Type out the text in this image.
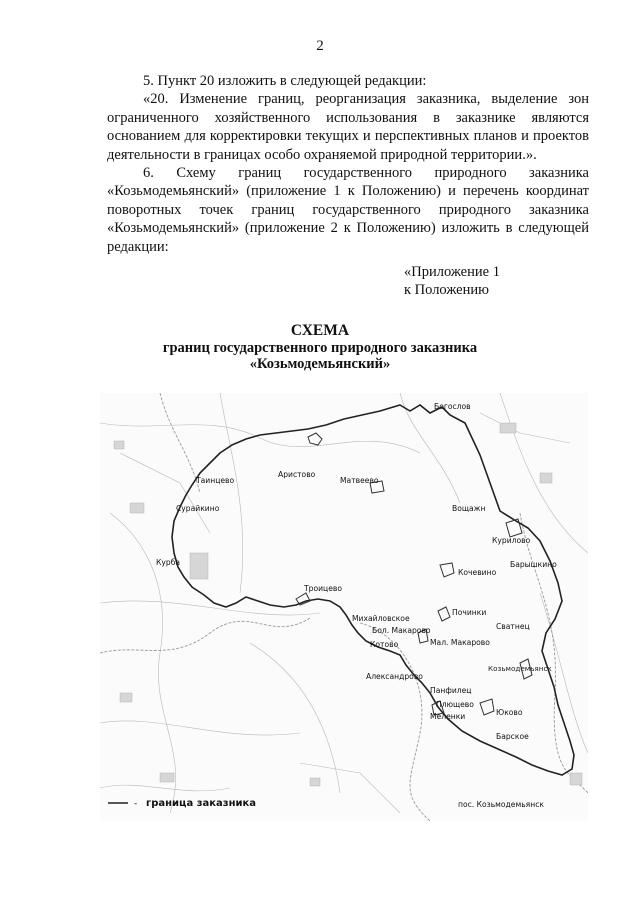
2

5. Пункт 20 изложить в следующей редакции:

«20. Изменение границ, реорганизация заказника, выделение зон ограниченного хозяйственного использования в заказнике являются основанием для корректировки текущих и перспективных планов и проектов деятельности в границах особо охраняемой природной территории.».

6. Схему границ государственного природного заказника «Козьмодемьянский» (приложение 1 к Положению) и перечень координат поворотных точек границ государственного природного заказника «Козьмодемьянский» (приложение 2 к Положению) изложить в следующей редакции:

«Приложение 1
к Положению
СХЕМА
границ государственного природного заказника
«Козьмодемьянский»
Богослов
Аристово
Матвеево
Таинцево
Сурайкино	Вощажн
Курилово
Курба
Кочевино
Барышкино
Троицево
Михайловское
Починки
Бол. Макарово	Сватнец
Котово	Мал. Макарово
Козьмодемьянск
Александрово
Панфилец
Плющево
Меленки	Юково
Барское
пос. Козьмодемьянск
- граница заказника
